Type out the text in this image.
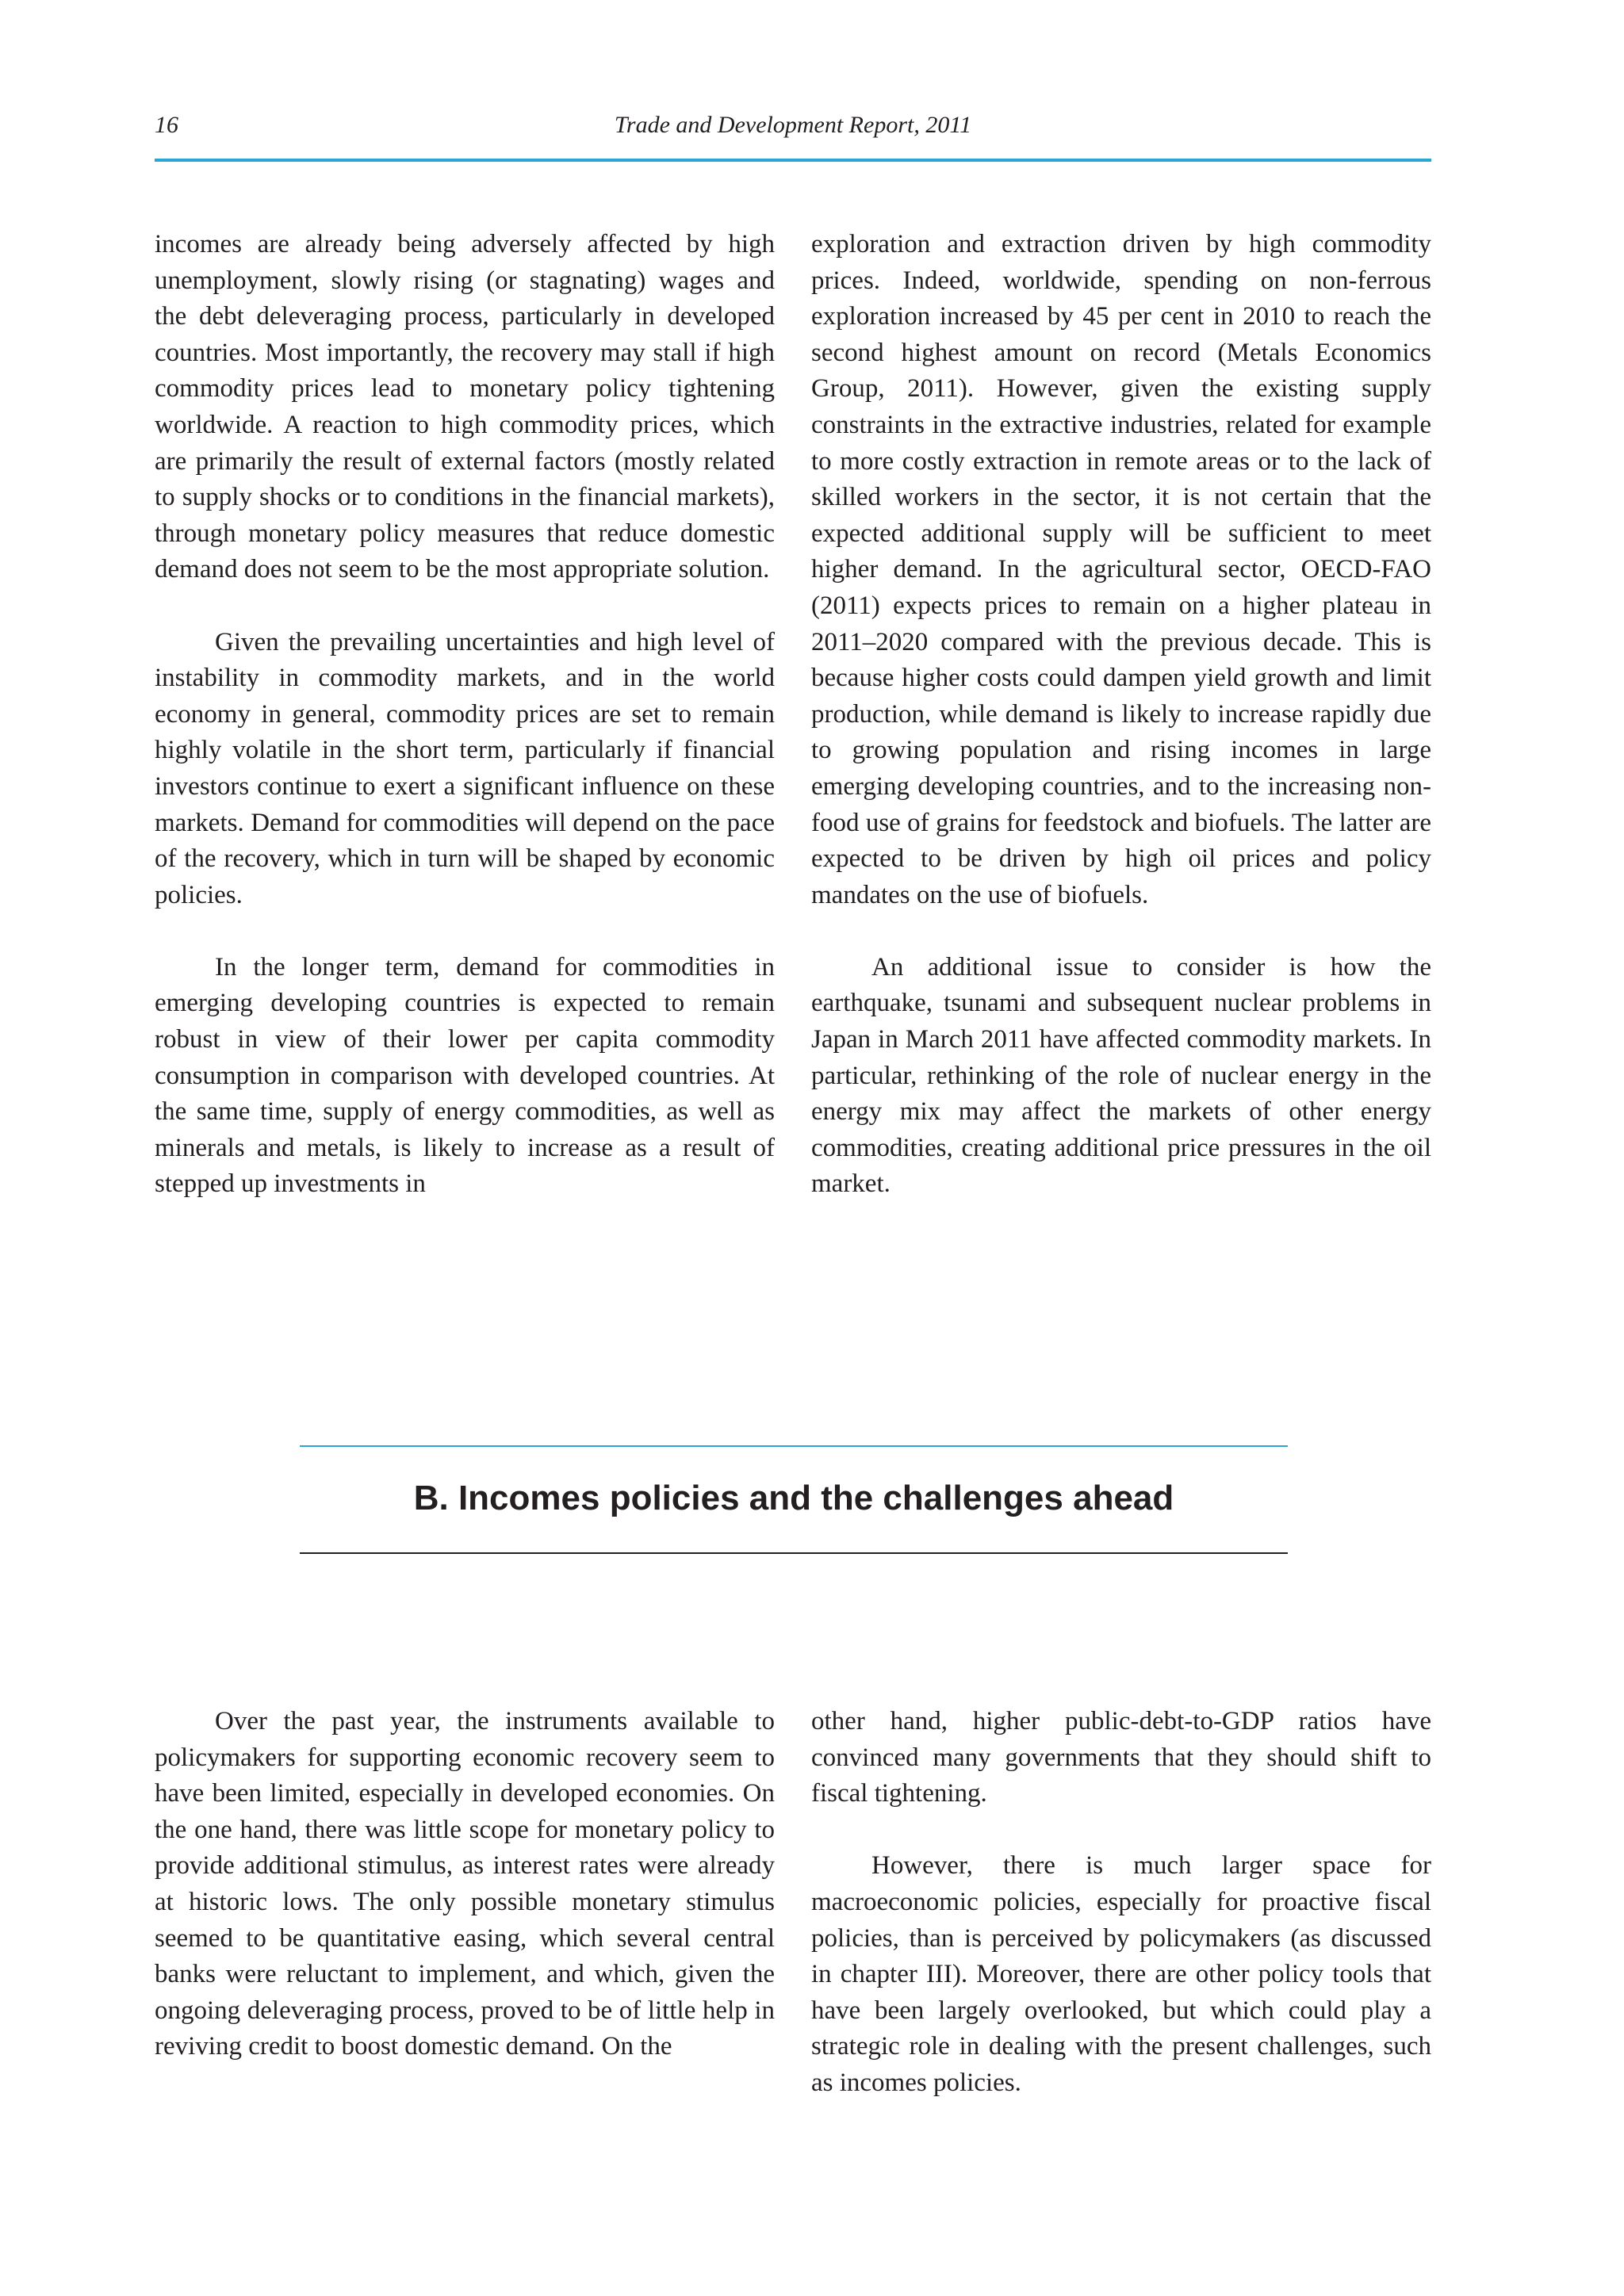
16	Trade and Development Report, 2011

incomes are already being adversely affected by high unemployment, slowly rising (or stagnating) wages and the debt deleveraging process, particularly in developed countries. Most importantly, the recovery may stall if high commodity prices lead to monetary policy tightening worldwide. A reaction to high commodity prices, which are primarily the result of external factors (mostly related to supply shocks or to conditions in the financial markets), through monetary policy measures that reduce domestic demand does not seem to be the most appropriate solution.

Given the prevailing uncertainties and high level of instability in commodity markets, and in the world economy in general, commodity prices are set to remain highly volatile in the short term, particularly if financial investors continue to exert a significant influence on these markets. Demand for commodities will depend on the pace of the recovery, which in turn will be shaped by economic policies.

In the longer term, demand for commodities in emerging developing countries is expected to remain robust in view of their lower per capita commodity consumption in comparison with developed countries. At the same time, supply of energy commodities, as well as minerals and metals, is likely to increase as a result of stepped up investments in

exploration and extraction driven by high commodity prices. Indeed, worldwide, spending on non-ferrous exploration increased by 45 per cent in 2010 to reach the second highest amount on record (Metals Economics Group, 2011). However, given the existing supply constraints in the extractive industries, related for example to more costly extraction in remote areas or to the lack of skilled workers in the sector, it is not certain that the expected additional supply will be sufficient to meet higher demand. In the agricultural sector, OECD-FAO (2011) expects prices to remain on a higher plateau in 2011–2020 compared with the previous decade. This is because higher costs could dampen yield growth and limit production, while demand is likely to increase rapidly due to growing population and rising incomes in large emerging developing countries, and to the increasing non-food use of grains for feedstock and biofuels. The latter are expected to be driven by high oil prices and policy mandates on the use of biofuels.

An additional issue to consider is how the earthquake, tsunami and subsequent nuclear problems in Japan in March 2011 have affected commodity markets. In particular, rethinking of the role of nuclear energy in the energy mix may affect the markets of other energy commodities, creating additional price pressures in the oil market.

B. Incomes policies and the challenges ahead

Over the past year, the instruments available to policymakers for supporting economic recovery seem to have been limited, especially in developed economies. On the one hand, there was little scope for monetary policy to provide additional stimulus, as interest rates were already at historic lows. The only possible monetary stimulus seemed to be quantitative easing, which several central banks were reluctant to implement, and which, given the ongoing deleveraging process, proved to be of little help in reviving credit to boost domestic demand. On the

other hand, higher public-debt-to-GDP ratios have convinced many governments that they should shift to fiscal tightening.

However, there is much larger space for macroeconomic policies, especially for proactive fiscal policies, than is perceived by policymakers (as discussed in chapter III). Moreover, there are other policy tools that have been largely overlooked, but which could play a strategic role in dealing with the present challenges, such as incomes policies.
